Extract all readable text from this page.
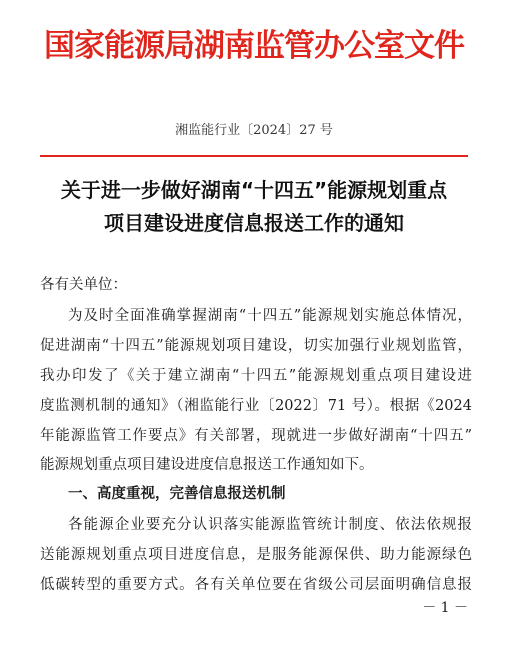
国家能源局湖南监管办公室文件
湘监能行业〔2024〕27 号
关于进一步做好湖南“十四五”能源规划重点
项目建设进度信息报送工作的通知
各有关单位：
为及时全面准确掌握湖南“十四五”能源规划实施总体情况，
促进湖南“十四五”能源规划项目建设，切实加强行业规划监管，
我办印发了《关于建立湖南“十四五”能源规划重点项目建设进
度监测机制的通知》（湘监能行业〔2022〕71 号）。根据《2024
年能源监管工作要点》有关部署，现就进一步做好湖南“十四五”
能源规划重点项目建设进度信息报送工作通知如下。
一、高度重视，完善信息报送机制
各能源企业要充分认识落实能源监管统计制度、依法依规报
送能源规划重点项目进度信息，是服务能源保供、助力能源绿色
低碳转型的重要方式。各有关单位要在省级公司层面明确信息报
－ 1 －
